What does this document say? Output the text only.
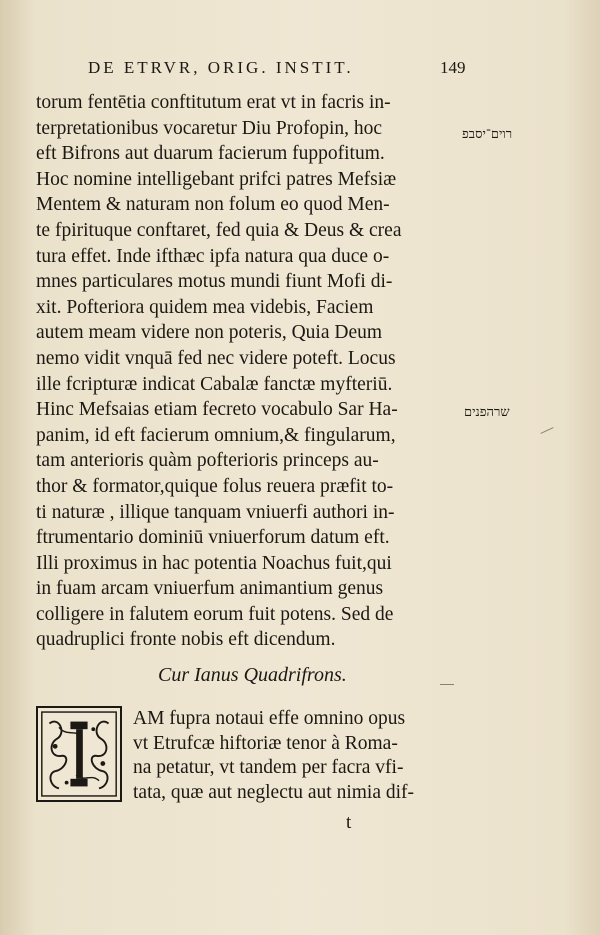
DE ETRVR, ORIG. INSTIT.	149
torum fentētia conftitutum erat vt in facris in-
terpretationibus vocaretur Diu Profopin, hoc
eft Bifrons aut duarum facierum fuppofitum.
Hoc nomine intelligebant prifci patres Mefsiæ
Mentem & naturam non folum eo quod Men-
te fpirituque conftaret, fed quia & Deus & crea
tura effet. Inde ifthæc ipfa natura qua duce o-
mnes particulares motus mundi fiunt Mofi di-
xit. Pofteriora quidem mea videbis, Faciem
autem meam videre non poteris, Quia Deum
nemo vidit vnquā fed nec videre poteft. Locus
ille fcripturæ indicat Cabalæ fanctæ myfteriū.
Hinc Mefsaias etiam fecreto vocabulo Sar Ha-
panim, id eft facierum omnium,& fingularum,
tam anterioris quàm pofterioris princeps au-
thor & formator,quique folus reuera præfit to-
ti naturæ , illique tanquam vniuerfi authori in-
ftrumentario dominiū vniuerforum datum eft.
Illi proximus in hac potentia Noachus fuit,qui
in fuam arcam vniuerfum animantium genus
colligere in falutem eorum fuit potens. Sed de
quadruplici fronte nobis eft dicendum.
רוים־יסבפ
שרהפנים
Cur Ianus Quadrifrons.
AM fupra notaui effe omnino opus
vt Etrufcæ hiftoriæ tenor à Roma-
na petatur, vt tandem per facra vfi-
tata, quæ aut neglectu aut nimia dif-
t
